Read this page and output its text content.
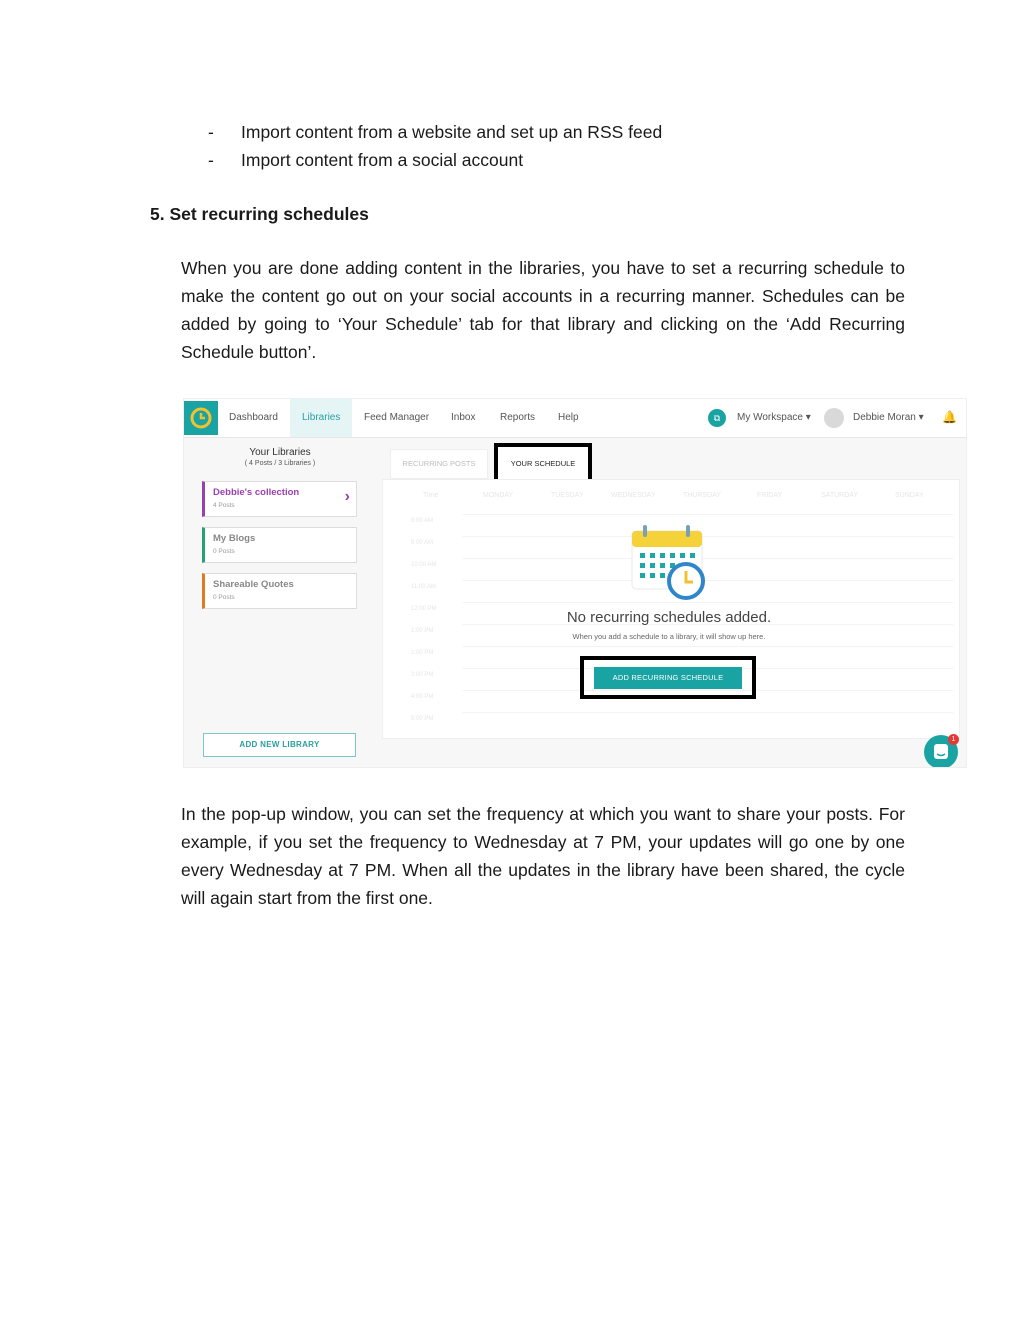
-	Import content from a website and set up an RSS feed
-	Import content from a social account
5. Set recurring schedules
When you are done adding content in the libraries, you have to set a recurring schedule to make the content go out on your social accounts in a recurring manner. Schedules can be added by going to ‘Your Schedule’ tab for that library and clicking on the ‘Add Recurring Schedule button’.
Dashboard	Libraries	Feed Manager Inbox Reports Help	⧉	My Workspace ▾	Debbie Moran ▾ 🔔
Your Libraries
( 4 Posts / 3 Libraries )
Debbie's collection
4 Posts
›
My Blogs
0 Posts
Shareable Quotes
0 Posts
ADD NEW LIBRARY
RECURRING POSTS	YOUR SCHEDULE
Time	MONDAY	TUESDAY	WEDNESDAY	THURSDAY	FRIDAY	SATURDAY	SUNDAY
8:00 AM
9:00 AM
10:00 AM
11:00 AM
12:00 PM
1:00 PM
2:00 PM
3:00 PM
4:00 PM
5:00 PM
No recurring schedules added.
When you add a schedule to a library, it will show up here.
ADD RECURRING SCHEDULE
1
In the pop-up window, you can set the frequency at which you want to share your posts. For example, if you set the frequency to Wednesday at 7 PM, your updates will go one by one every Wednesday at 7 PM. When all the updates in the library have been shared, the cycle will again start from the first one.
